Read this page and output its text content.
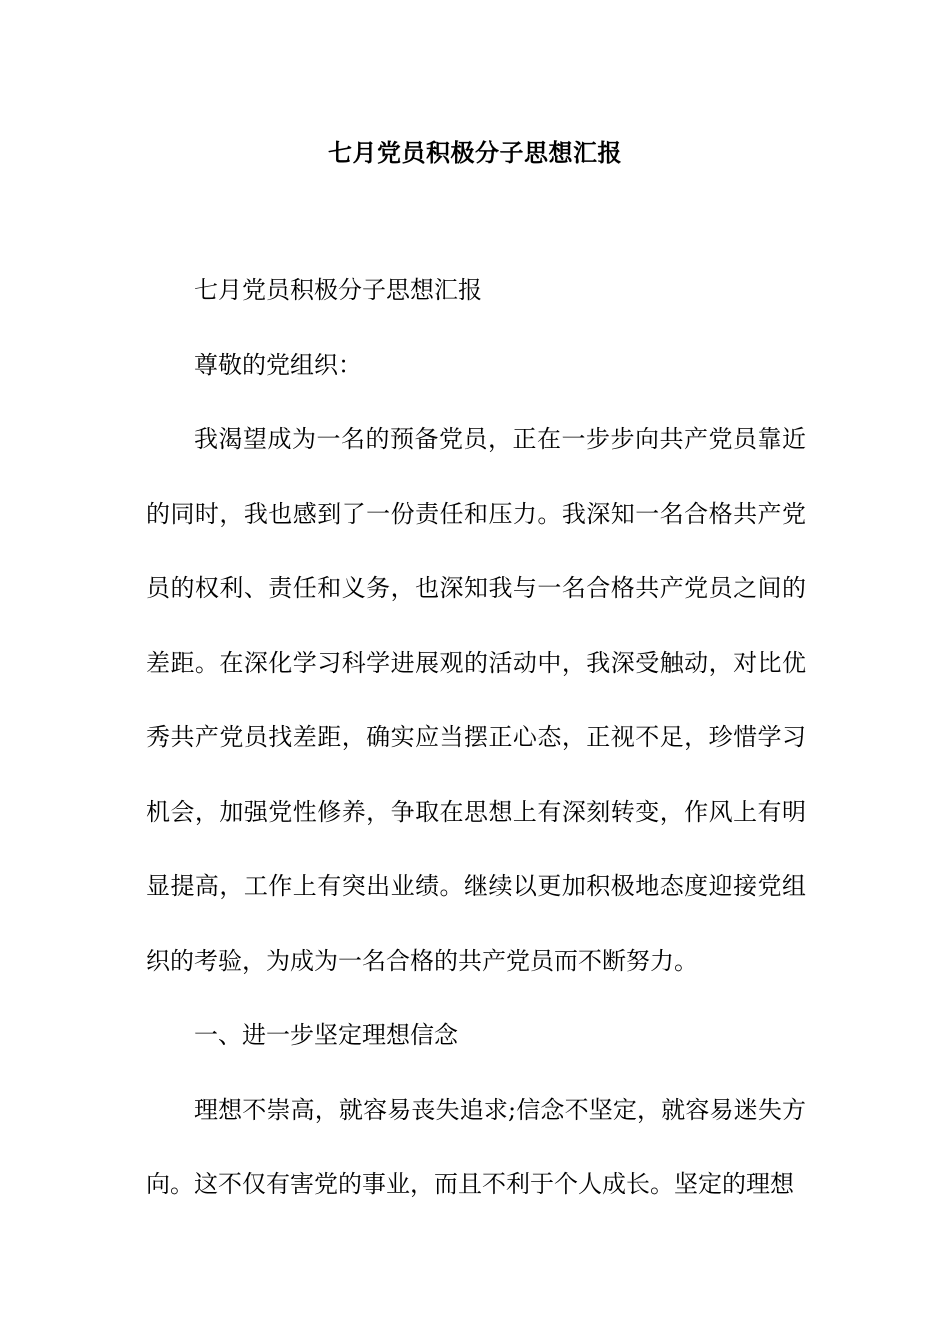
七月党员积极分子思想汇报

七月党员积极分子思想汇报

尊敬的党组织：

我渴望成为一名的预备党员，正在一步步向共产党员靠近的同时，我也感到了一份责任和压力。我深知一名合格共产党员的权利、责任和义务，也深知我与一名合格共产党员之间的差距。在深化学习科学进展观的活动中，我深受触动，对比优秀共产党员找差距，确实应当摆正心态，正视不足，珍惜学习机会，加强党性修养，争取在思想上有深刻转变，作风上有明显提高，工作上有突出业绩。继续以更加积极地态度迎接党组织的考验，为成为一名合格的共产党员而不断努力。

一、进一步坚定理想信念

理想不崇高，就容易丧失追求;信念不坚定，就容易迷失方向。这不仅有害党的事业，而且不利于个人成长。坚定的理想
